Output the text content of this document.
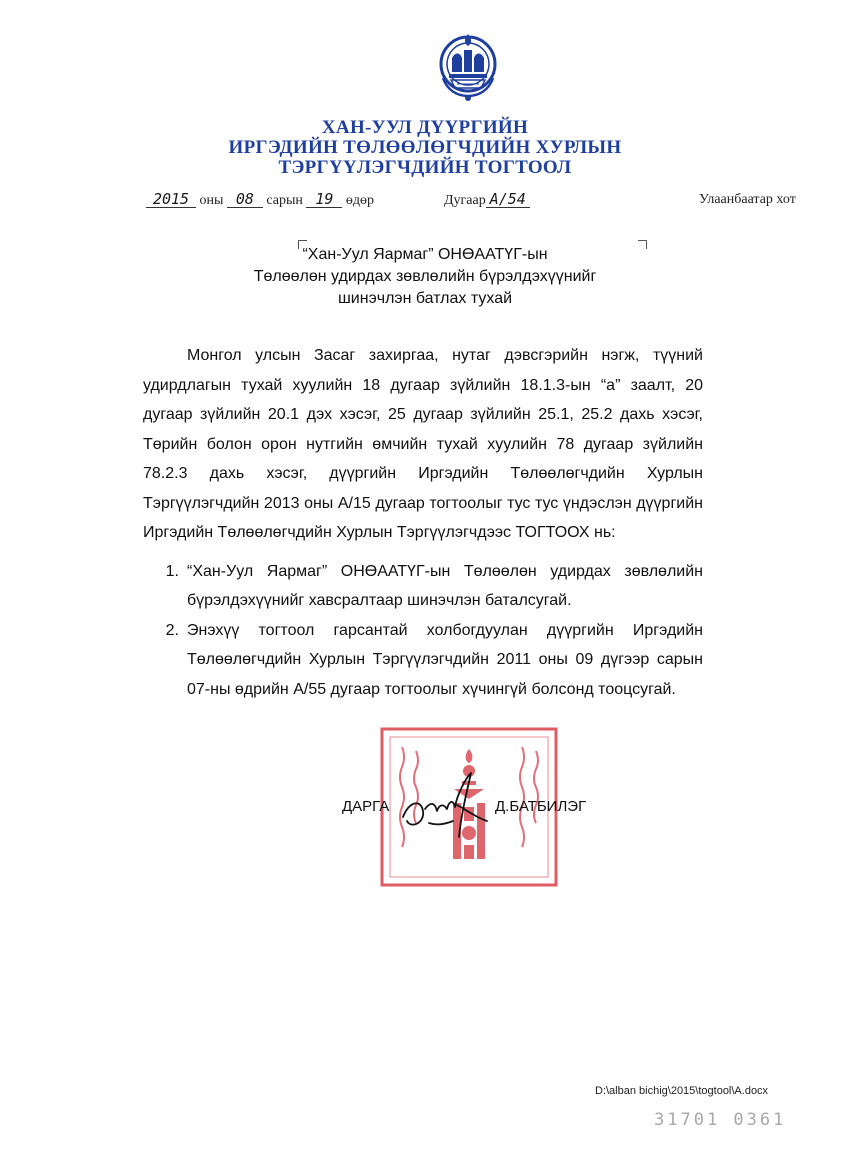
ХАН-УУЛ ДҮҮРГИЙН
ИРГЭДИЙН ТӨЛӨӨЛӨГЧДИЙН ХУРЛЫН
ТЭРГҮҮЛЭГЧДИЙН ТОГТООЛ
2015 оны 08 сарын 19 өдөр	Дугаар A/54	Улаанбаатар хот
“Хан-Уул Яармаг” ОНӨААТҮГ-ын
Төлөөлөн удирдах зөвлөлийн бүрэлдэхүүнийг
шинэчлэн батлах тухай

Монгол улсын Засаг захиргаа, нутаг дэвсгэрийн нэгж, түүний удирдлагын тухай хуулийн 18 дугаар зүйлийн 18.1.3-ын “а” заалт, 20 дугаар зүйлийн 20.1 дэх хэсэг, 25 дугаар зүйлийн 25.1, 25.2 дахь хэсэг, Төрийн болон орон нутгийн өмчийн тухай хуулийн 78 дугаар зүйлийн 78.2.3 дахь хэсэг, дүүргийн Иргэдийн Төлөөлөгчдийн Хурлын Тэргүүлэгчдийн 2013 оны А/15 дугаар тогтоолыг тус тус үндэслэн дүүргийн Иргэдийн Төлөөлөгчдийн Хурлын Тэргүүлэгчдээс ТОГТООХ нь:

1. “Хан-Уул Яармаг” ОНӨААТҮГ-ын Төлөөлөн удирдах зөвлөлийн бүрэлдэхүүнийг хавсралтаар шинэчлэн баталсугай.
2. Энэхүү тогтоол гарсантай холбогдуулан дүүргийн Иргэдийн Төлөөлөгчдийн Хурлын Тэргүүлэгчдийн 2011 оны 09 дүгээр сарын 07-ны өдрийн А/55 дугаар тогтоолыг хүчингүй болсонд тооцсугай.
ДАРГА	Д.БАТБИЛЭГ
D:\alban bichig\2015\togtool\A.docx
31701 0361
